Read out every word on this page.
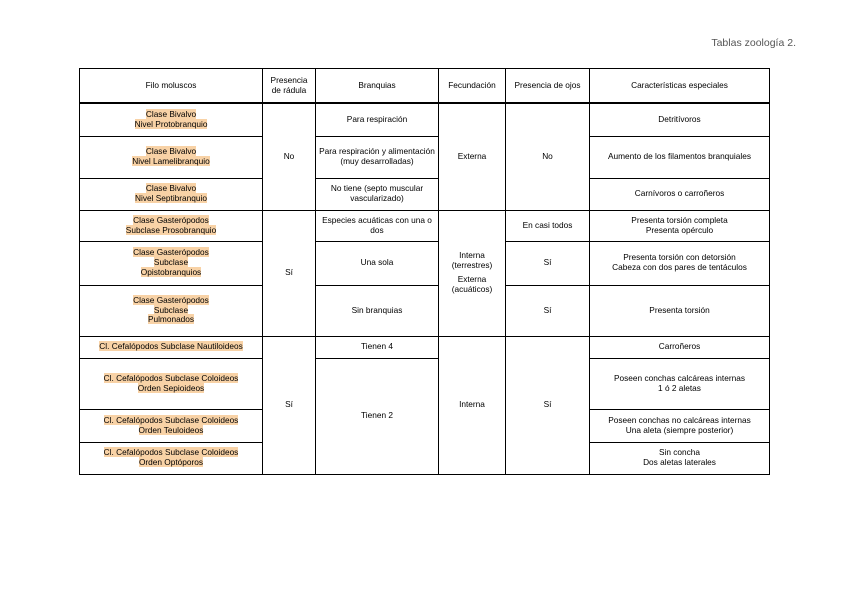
Tablas zoología 2.
Filo moluscos	Presencia de rádula	Branquias	Fecundación	Presencia de ojos	Características especiales
Clase Bivalvo
Nivel Protobranquio	No	Para respiración	Externa	No	Detritívoros
Clase Bivalvo
Nivel Lamelibranquio		Para respiración y alimentación (muy desarrolladas)			Aumento de los filamentos branquiales
Clase Bivalvo
Nivel Septibranquio		No tiene (septo muscular vascularizado)			Carnívoros o carroñeros
Clase Gasterópodos
Subclase Prosobranquio	Sí	Especies acuáticas con una o dos	Interna
(terrestres)
Externa
(acuáticos)	En casi todos	Presenta torsión completa
Presenta opérculo
Clase Gasterópodos
Subclase
Opistobranquios		Una sola		Sí	Presenta torsión con detorsión
Cabeza con dos pares de tentáculos
Clase Gasterópodos
Subclase
Pulmonados		Sin branquias		Sí	Presenta torsión
Cl. Cefalópodos Subclase Nautiloideos	Sí	Tienen 4	Interna	Sí	Carroñeros
Cl. Cefalópodos Subclase Coloideos
Orden Sepioideos		Tienen 2			Poseen conchas calcáreas internas
1 ó 2 aletas
Cl. Cefalópodos Subclase Coloideos
Orden Teuloideos					Poseen conchas no calcáreas internas
Una aleta (siempre posterior)
Cl. Cefalópodos Subclase Coloideos
Orden Optóporos					Sin concha
Dos aletas laterales
